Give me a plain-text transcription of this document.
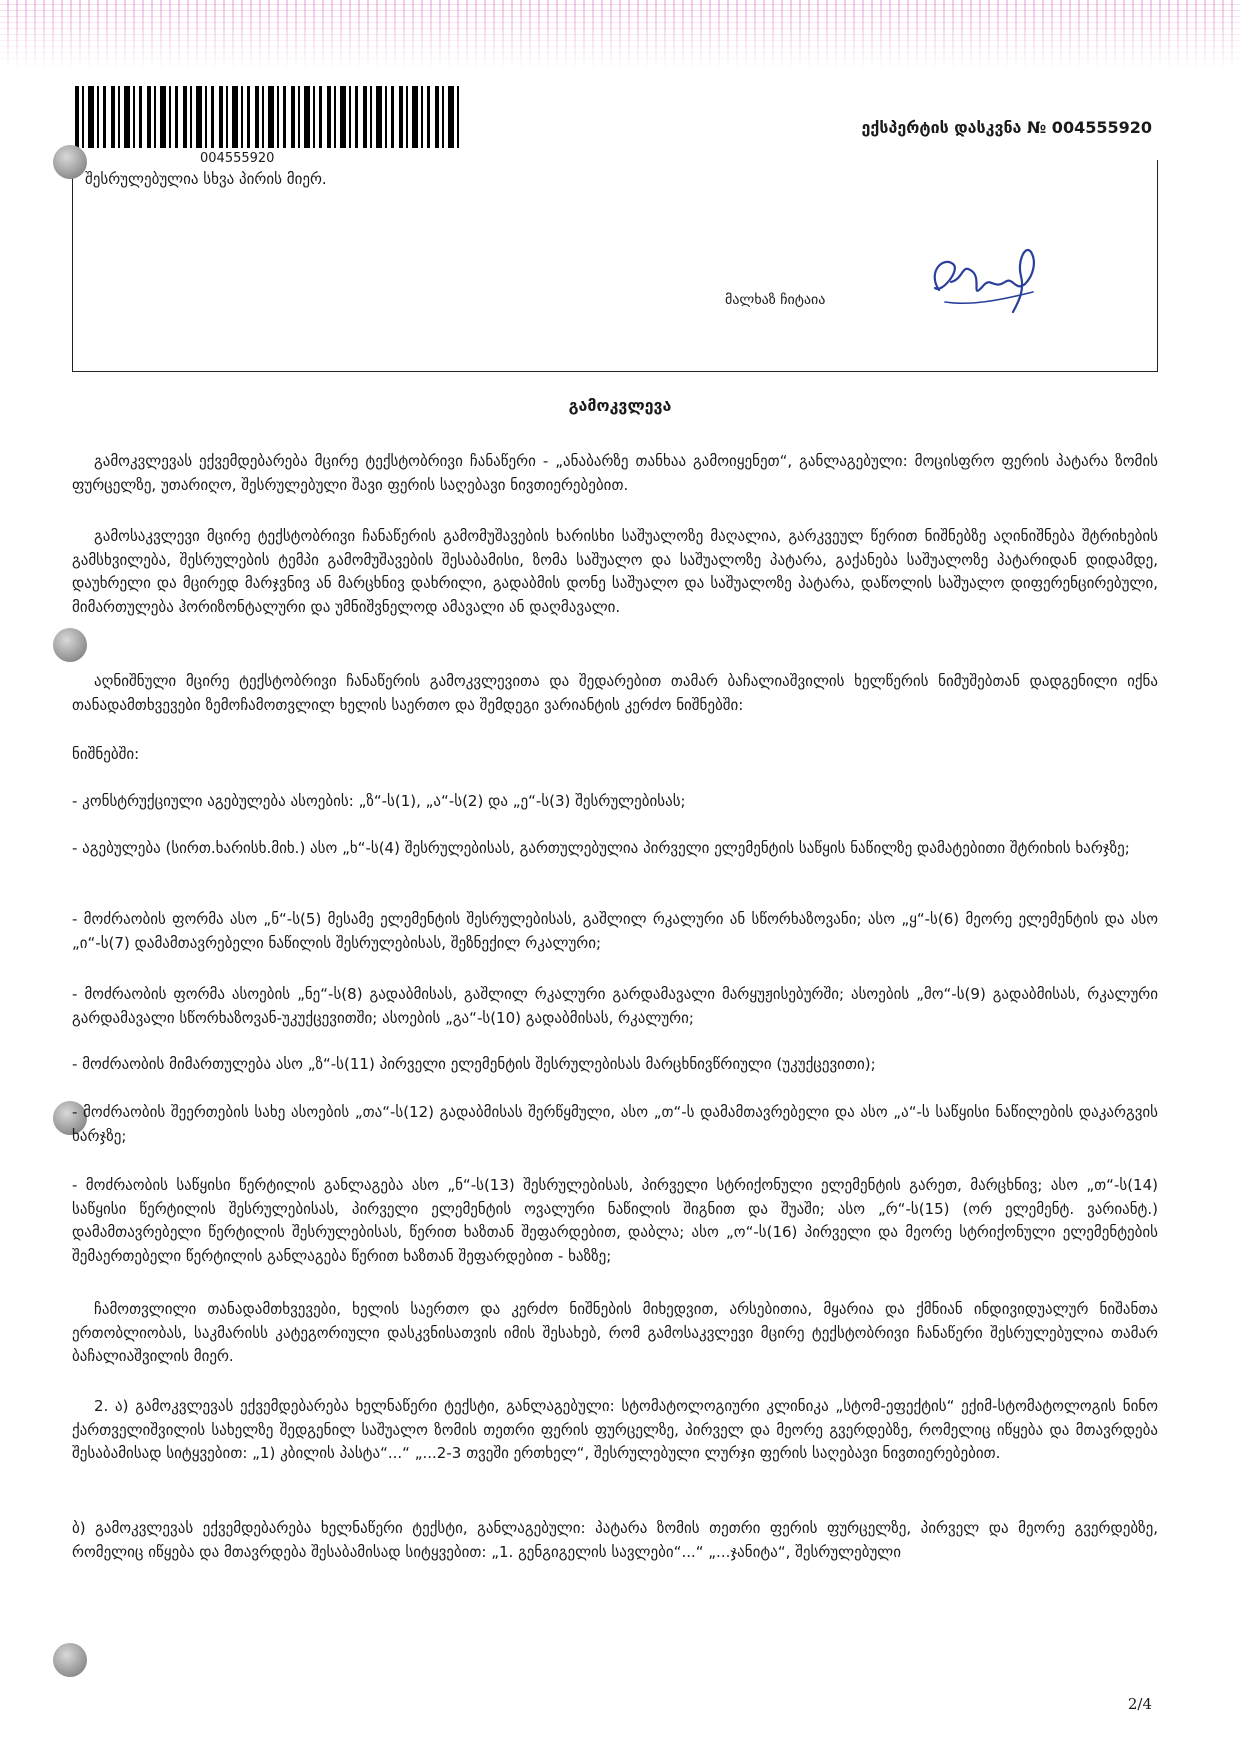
004555920
ექსპერტის დასკვნა № 004555920
შესრულებულია სხვა პირის მიერ.
მალხაზ ჩიტაია
გამოკვლევა
გამოკვლევას ექვემდებარება მცირე ტექსტობრივი ჩანაწერი - „ანაბარზე თანხაა გამოიყენეთ“, განლაგებული: მოცისფრო ფერის პატარა ზომის ფურცელზე, უთარიღო, შესრულებული შავი ფერის საღებავი ნივთიერებებით.
გამოსაკვლევი მცირე ტექსტობრივი ჩანაწერის გამომუშავების ხარისხი საშუალოზე მაღალია, გარკვეულ წერით ნიშნებზე აღინიშნება შტრიხების გამსხვილება, შესრულების ტემპი გამომუშავების შესაბამისი, ზომა საშუალო და საშუალოზე პატარა, გაქანება საშუალოზე პატარიდან დიდამდე, დაუხრელი და მცირედ მარჯვნივ ან მარცხნივ დახრილი, გადაბმის დონე საშუალო და საშუალოზე პატარა, დაწოლის საშუალო დიფერენცირებული, მიმართულება ჰორიზონტალური და უმნიშვნელოდ ამავალი ან დაღმავალი.
აღნიშნული მცირე ტექსტობრივი ჩანაწერის გამოკვლევითა და შედარებით თამარ ბაჩალიაშვილის ხელწერის ნიმუშებთან დადგენილი იქნა თანადამთხვევები ზემოჩამოთვლილ ხელის საერთო და შემდეგი ვარიანტის კერძო ნიშნებში:
ნიშნებში:
- კონსტრუქციული აგებულება ასოების: „ზ“-ს(1), „ა“-ს(2) და „ე“-ს(3) შესრულებისას;
- აგებულება (სირთ.ხარისხ.მიხ.) ასო „ხ“-ს(4) შესრულებისას, გართულებულია პირველი ელემენტის საწყის ნაწილზე დამატებითი შტრიხის ხარჯზე;
- მოძრაობის ფორმა ასო „ნ“-ს(5) მესამე ელემენტის შესრულებისას, გაშლილ რკალური ან სწორხაზოვანი; ასო „ყ“-ს(6) მეორე ელემენტის და ასო „ი“-ს(7) დამამთავრებელი ნაწილის შესრულებისას, შეზნექილ რკალური;
- მოძრაობის ფორმა ასოების „ნე“-ს(8) გადაბმისას, გაშლილ რკალური გარდამავალი მარყუჟისებურში; ასოების „მო“-ს(9) გადაბმისას, რკალური გარდამავალი სწორხაზოვან-უკუქცევითში; ასოების „გა“-ს(10) გადაბმისას, რკალური;
- მოძრაობის მიმართულება ასო „ზ“-ს(11) პირველი ელემენტის შესრულებისას მარცხნივწრიული (უკუქცევითი);
- მოძრაობის შეერთების სახე ასოების „თა“-ს(12) გადაბმისას შერწყმული, ასო „თ“-ს დამამთავრებელი და ასო „ა“-ს საწყისი ნაწილების დაკარგვის ხარჯზე;
- მოძრაობის საწყისი წერტილის განლაგება ასო „ნ“-ს(13) შესრულებისას, პირველი სტრიქონული ელემენტის გარეთ, მარცხნივ; ასო „თ“-ს(14) საწყისი წერტილის შესრულებისას, პირველი ელემენტის ოვალური ნაწილის შიგნით და შუაში; ასო „რ“-ს(15) (ორ ელემენტ. ვარიანტ.) დამამთავრებელი წერტილის შესრულებისას, წერით ხაზთან შეფარდებით, დაბლა; ასო „ო“-ს(16) პირველი და მეორე სტრიქონული ელემენტების შემაერთებელი წერტილის განლაგება წერით ხაზთან შეფარდებით - ხაზზე;
ჩამოთვლილი თანადამთხვევები, ხელის საერთო და კერძო ნიშნების მიხედვით, არსებითია, მყარია და ქმნიან ინდივიდუალურ ნიშანთა ერთობლიობას, საკმარისს კატეგორიული დასკვნისათვის იმის შესახებ, რომ გამოსაკვლევი მცირე ტექსტობრივი ჩანაწერი შესრულებულია თამარ ბაჩალიაშვილის მიერ.
2. ა) გამოკვლევას ექვემდებარება ხელნაწერი ტექსტი, განლაგებული: სტომატოლოგიური კლინიკა „სტომ-ეფექტის“ ექიმ-სტომატოლოგის ნინო ქართველიშვილის სახელზე შედგენილ საშუალო ზომის თეთრი ფერის ფურცელზე, პირველ და მეორე გვერდებზე, რომელიც იწყება და მთავრდება შესაბამისად სიტყვებით: „1) კბილის პასტა“...“ „...2-3 თვეში ერთხელ“, შესრულებული ლურჯი ფერის საღებავი ნივთიერებებით.
ბ) გამოკვლევას ექვემდებარება ხელნაწერი ტექსტი, განლაგებული: პატარა ზომის თეთრი ფერის ფურცელზე, პირველ და მეორე გვერდებზე, რომელიც იწყება და მთავრდება შესაბამისად სიტყვებით: „1. გენგიგელის სავლები“...“ „...ჯანიტა“, შესრულებული
2/4
